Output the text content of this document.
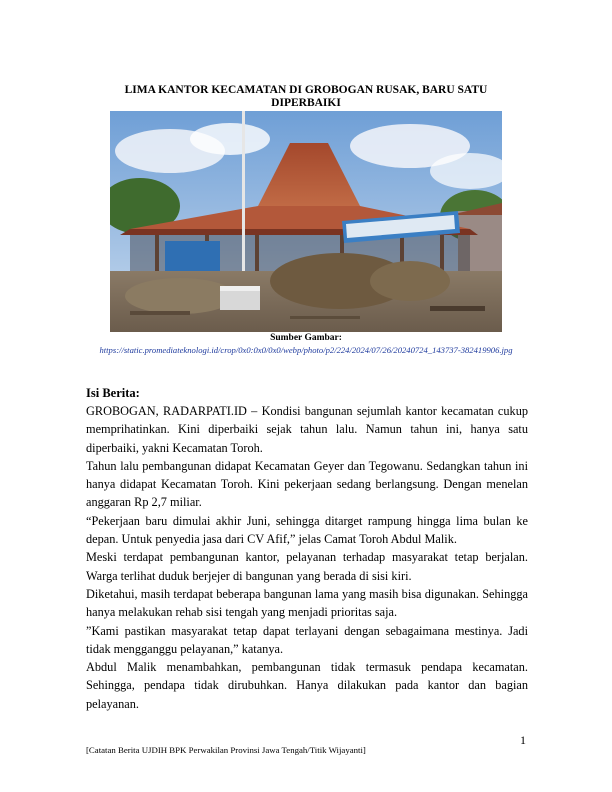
LIMA KANTOR KECAMATAN DI GROBOGAN RUSAK, BARU SATU DIPERBAIKI
Sumber Gambar:
https://static.promediateknologi.id/crop/0x0:0x0/0x0/webp/photo/p2/224/2024/07/26/20240724_143737-382419906.jpg
Isi Berita:

GROBOGAN, RADARPATI.ID – Kondisi bangunan sejumlah kantor kecamatan cukup memprihatinkan. Kini diperbaiki sejak tahun lalu. Namun tahun ini, hanya satu diperbaiki, yakni Kecamatan Toroh.

Tahun lalu pembangunan didapat Kecamatan Geyer dan Tegowanu. Sedangkan tahun ini hanya didapat Kecamatan Toroh. Kini pekerjaan sedang berlangsung. Dengan menelan anggaran Rp 2,7 miliar.

“Pekerjaan baru dimulai akhir Juni, sehingga ditarget rampung hingga lima bulan ke depan. Untuk penyedia jasa dari CV Afif,” jelas Camat Toroh Abdul Malik.

Meski terdapat pembangunan kantor, pelayanan terhadap masyarakat tetap berjalan. Warga terlihat duduk berjejer di bangunan yang berada di sisi kiri.

Diketahui, masih terdapat beberapa bangunan lama yang masih bisa digunakan. Sehingga hanya melakukan rehab sisi tengah yang menjadi prioritas saja.

”Kami pastikan masyarakat tetap dapat terlayani dengan sebagaimana mestinya. Jadi tidak mengganggu pelayanan,” katanya.

Abdul Malik menambahkan, pembangunan tidak termasuk pendapa kecamatan. Sehingga, pendapa tidak dirubuhkan. Hanya dilakukan pada kantor dan bagian pelayanan.

1
[Catatan Berita UJDIH BPK Perwakilan Provinsi Jawa Tengah/Titik Wijayanti]
